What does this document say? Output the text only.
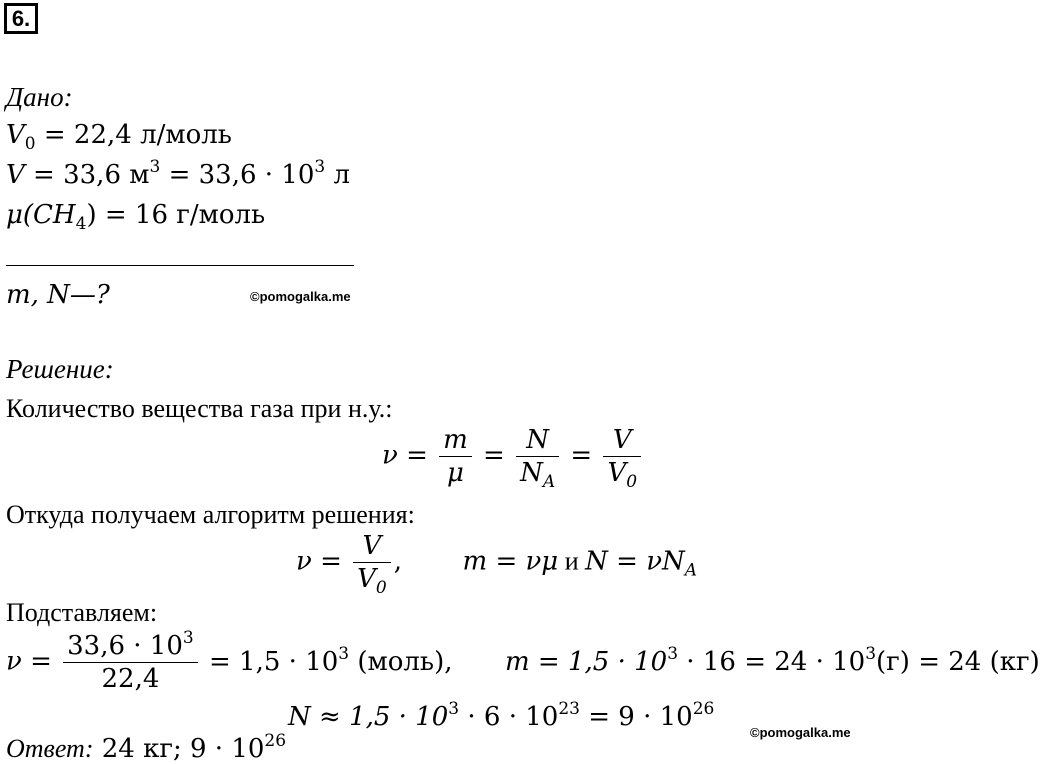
6.
Дано:
$V_0 = 22,4$ л/моль
V = 33,6 $м^3 = 33,6 \cdot 10^3$ л
$\mu(CH_4) = 16$ г/моль
m, N—?	©pomogalka.me
Решение:
Количество вещества газа при н.у.:
$\nu = \frac{m}{\mu} = \frac{N}{N_A} = \frac{V}{V_0}$
Откуда получаем алгоритм решения:
$\nu = \frac{V}{V_0}$ , m = νμ и $N = \nu N_A$
Подставляем:
$\nu = \frac{33,6 \cdot 10^3}{22,4} = 1,5 \cdot 10^3$ (моль), $m = 1,5 \cdot 10^3 \cdot 16 = 24 \cdot 10^3(г) = 24$ (кг)
$N \approx 1,5 \cdot 10^3 \cdot 6 \cdot 10^{23} = 9 \cdot 10^{26}$
©pomogalka.me
Ответ: 24 кг; $9 \cdot 10^{26}$
